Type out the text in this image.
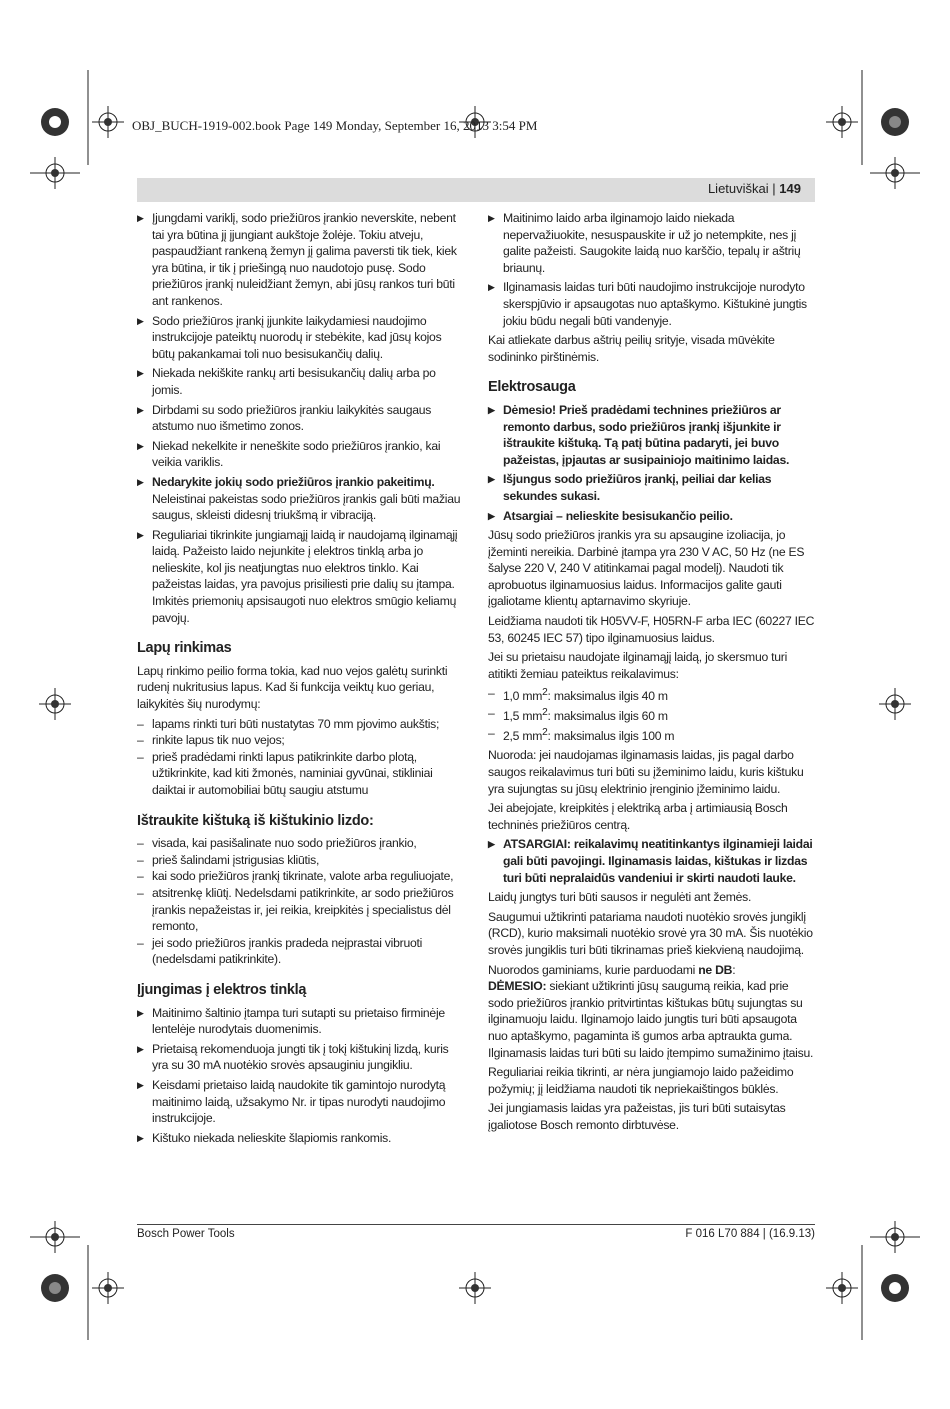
OBJ_BUCH-1919-002.book Page 149 Monday, September 16, 2013 3:54 PM
Lietuviškai | 149
▶ Įjungdami variklį, sodo priežiūros įrankio neverskite, nebent tai yra būtina jį įjungiant aukštoje žolėje. Tokiu atveju, paspaudžiant rankeną žemyn jį galima paversti tik tiek, kiek yra būtina, ir tik į priešingą nuo naudotojo pusę. Sodo priežiūros įrankį nuleidžiant žemyn, abi jūsų rankos turi būti ant rankenos.
▶ Sodo priežiūros įrankį įjunkite laikydamiesi naudojimo instrukcijoje pateiktų nuorodų ir stebėkite, kad jūsų kojos būtų pakankamai toli nuo besisukančių dalių.
▶ Niekada nekiškite rankų arti besisukančių dalių arba po jomis.
▶ Dirbdami su sodo priežiūros įrankiu laikykitės saugaus atstumo nuo išmetimo zonos.
▶ Niekad nekelkite ir neneškite sodo priežiūros įrankio, kai veikia variklis.
▶ Nedarykite jokių sodo priežiūros įrankio pakeitimų. Neleistinai pakeistas sodo priežiūros įrankis gali būti mažiau saugus, skleisti didesnį triukšmą ir vibraciją.
▶ Reguliariai tikrinkite jungiamąjį laidą ir naudojamą ilginamąjį laidą. Pažeisto laido nejunkite į elektros tinklą arba jo nelieskite, kol jis neatjungtas nuo elektros tinklo. Kai pažeistas laidas, yra pavojus prisiliesti prie dalių su įtampa. Imkitės priemonių apsisaugoti nuo elektros smūgio keliamų pavojų.
Lapų rinkimas
Lapų rinkimo peilio forma tokia, kad nuo vejos galėtų surinkti rudenį nukritusius lapus. Kad ši funkcija veiktų kuo geriau, laikykitės šių nurodymų:
– lapams rinkti turi būti nustatytas 70 mm pjovimo aukštis;
– rinkite lapus tik nuo vejos;
– prieš pradėdami rinkti lapus patikrinkite darbo plotą, užtikrinkite, kad kiti žmonės, naminiai gyvūnai, stikliniai daiktai ir automobiliai būtų saugiu atstumu
Ištraukite kištuką iš kištukinio lizdo:
– visada, kai pasišalinate nuo sodo priežiūros įrankio,
– prieš šalindami įstrigusias kliūtis,
– kai sodo priežiūros įrankį tikrinate, valote arba reguliuojate,
– atsitrenkę kliūtį. Nedelsdami patikrinkite, ar sodo priežiūros įrankis nepažeistas ir, jei reikia, kreipkitės į specialistus dėl remonto,
– jei sodo priežiūros įrankis pradeda neįprastai vibruoti (nedelsdami patikrinkite).
Įjungimas į elektros tinklą
▶ Maitinimo šaltinio įtampa turi sutapti su prietaiso firminėje lentelėje nurodytais duomenimis.
▶ Prietaisą rekomenduoja jungti tik į tokį kištukinį lizdą, kuris yra su 30 mA nuotėkio srovės apsauginiu jungikliu.
▶ Keisdami prietaiso laidą naudokite tik gamintojo nurodytą maitinimo laidą, užsakymo Nr. ir tipas nurodyti naudojimo instrukcijoje.
▶ Kištuko niekada nelieskite šlapiomis rankomis.
▶ Maitinimo laido arba ilginamojo laido niekada nepervažiuokite, nesuspauskite ir už jo netempkite, nes jį galite pažeisti. Saugokite laidą nuo karščio, tepalų ir aštrių briaunų.
▶ Ilginamasis laidas turi būti naudojimo instrukcijoje nurodyto skerspjūvio ir apsaugotas nuo aptaškymo. Kištukinė jungtis jokiu būdu negali būti vandenyje.
Kai atliekate darbus aštrių peilių srityje, visada mūvėkite sodininko pirštinėmis.
Elektrosauga
▶ Dėmesio! Prieš pradėdami technines priežiūros ar remonto darbus, sodo priežiūros įrankį išjunkite ir ištraukite kištuką. Tą patį būtina padaryti, jei buvo pažeistas, įpjautas ar susipainiojo maitinimo laidas.
▶ Išjungus sodo priežiūros įrankį, peiliai dar kelias sekundes sukasi.
▶ Atsargiai – nelieskite besisukančio peilio.
Jūsų sodo priežiūros įrankis yra su apsaugine izoliacija, jo įžeminti nereikia. Darbinė įtampa yra 230 V AC, 50 Hz (ne ES šalyse 220 V, 240 V atitinkamai pagal modelį). Naudoti tik aprobuotus ilginamuosius laidus. Informacijos galite gauti įgaliotame klientų aptarnavimo skyriuje.
Leidžiama naudoti tik H05VV-F, H05RN-F arba IEC (60227 IEC 53, 60245 IEC 57) tipo ilginamuosius laidus.
Jei su prietaisu naudojate ilginamąjį laidą, jo skersmuo turi atitikti žemiau pateiktus reikalavimus:
– 1,0 $mm^2$: maksimalus ilgis 40 m
– 1,5 $mm^2$: maksimalus ilgis 60 m
– 2,5 $mm^2$: maksimalus ilgis 100 m
Nuoroda: jei naudojamas ilginamasis laidas, jis pagal darbo saugos reikalavimus turi būti su įžeminimo laidu, kuris kištuku yra sujungtas su jūsų elektrinio įrenginio įžeminimo laidu.
Jei abejojate, kreipkitės į elektriką arba į artimiausią Bosch techninės priežiūros centrą.
▶ ATSARGIAI: reikalavimų neatitinkantys ilginamieji laidai gali būti pavojingi. Ilginamasis laidas, kištukas ir lizdas turi būti nepralaidūs vandeniui ir skirti naudoti lauke.
Laidų jungtys turi būti sausos ir negulėti ant žemės.
Saugumui užtikrinti patariama naudoti nuotėkio srovės jungiklį (RCD), kurio maksimali nuotėkio srovė yra 30 mA. Šis nuotėkio srovės jungiklis turi būti tikrinamas prieš kiekvieną naudojimą.
Nuorodos gaminiams, kurie parduodami ne DB:
DĖMESIO: siekiant užtikrinti jūsų saugumą reikia, kad prie sodo priežiūros įrankio pritvirtintas kištukas būtų sujungtas su ilginamuoju laidu. Ilginamojo laido jungtis turi būti apsaugota nuo aptaškymo, pagaminta iš gumos arba aptraukta guma. Ilginamasis laidas turi būti su laido įtempimo sumažinimo įtaisu.
Reguliariai reikia tikrinti, ar nėra jungiamojo laido pažeidimo požymių; jį leidžiama naudoti tik nepriekaištingos būklės.
Jei jungiamasis laidas yra pažeistas, jis turi būti sutaisytas įgaliotose Bosch remonto dirbtuvėse.
Bosch Power Tools	F 016 L70 884 | (16.9.13)
